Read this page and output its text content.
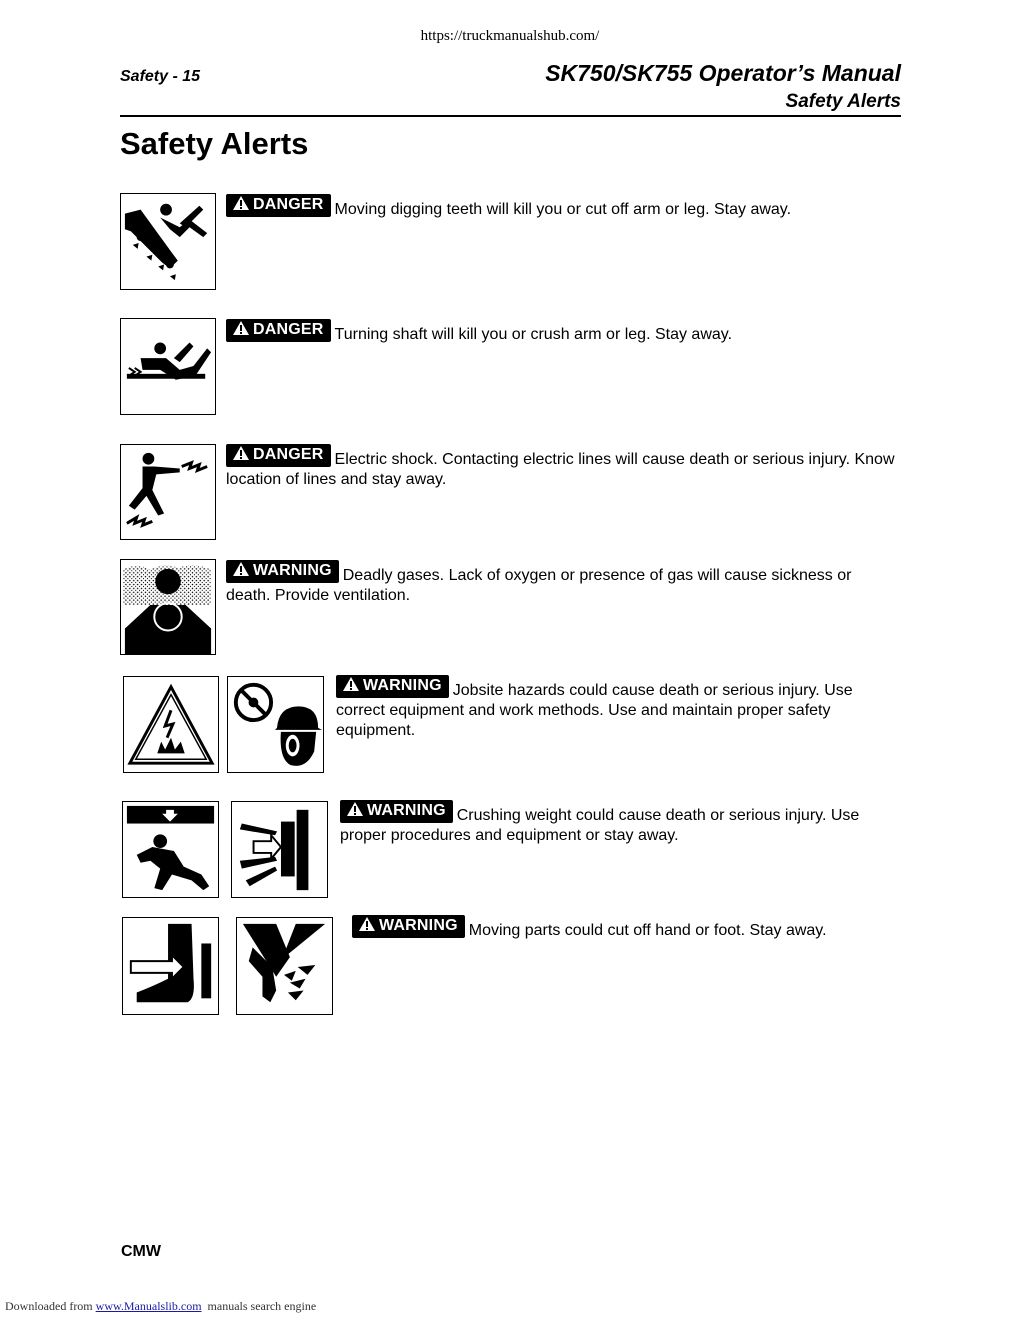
https://truckmanualshub.com/
Safety - 15	SK750/SK755 Operator’s Manual
Safety Alerts
Safety Alerts
DANGER Moving digging teeth will kill you or cut off arm or leg. Stay away.
DANGER Turning shaft will kill you or crush arm or leg. Stay away.
DANGER Electric shock. Contacting electric lines will cause death or serious injury. Know location of lines and stay away.
WARNING Deadly gases. Lack of oxygen or presence of gas will cause sickness or death. Provide ventilation.
WARNING Jobsite hazards could cause death or serious injury. Use correct equipment and work methods. Use and maintain proper safety equipment.
WARNING Crushing weight could cause death or serious injury. Use proper procedures and equipment or stay away.
WARNING Moving parts could cut off hand or foot. Stay away.
CMW
Downloaded from www.Manualslib.com manuals search engine
